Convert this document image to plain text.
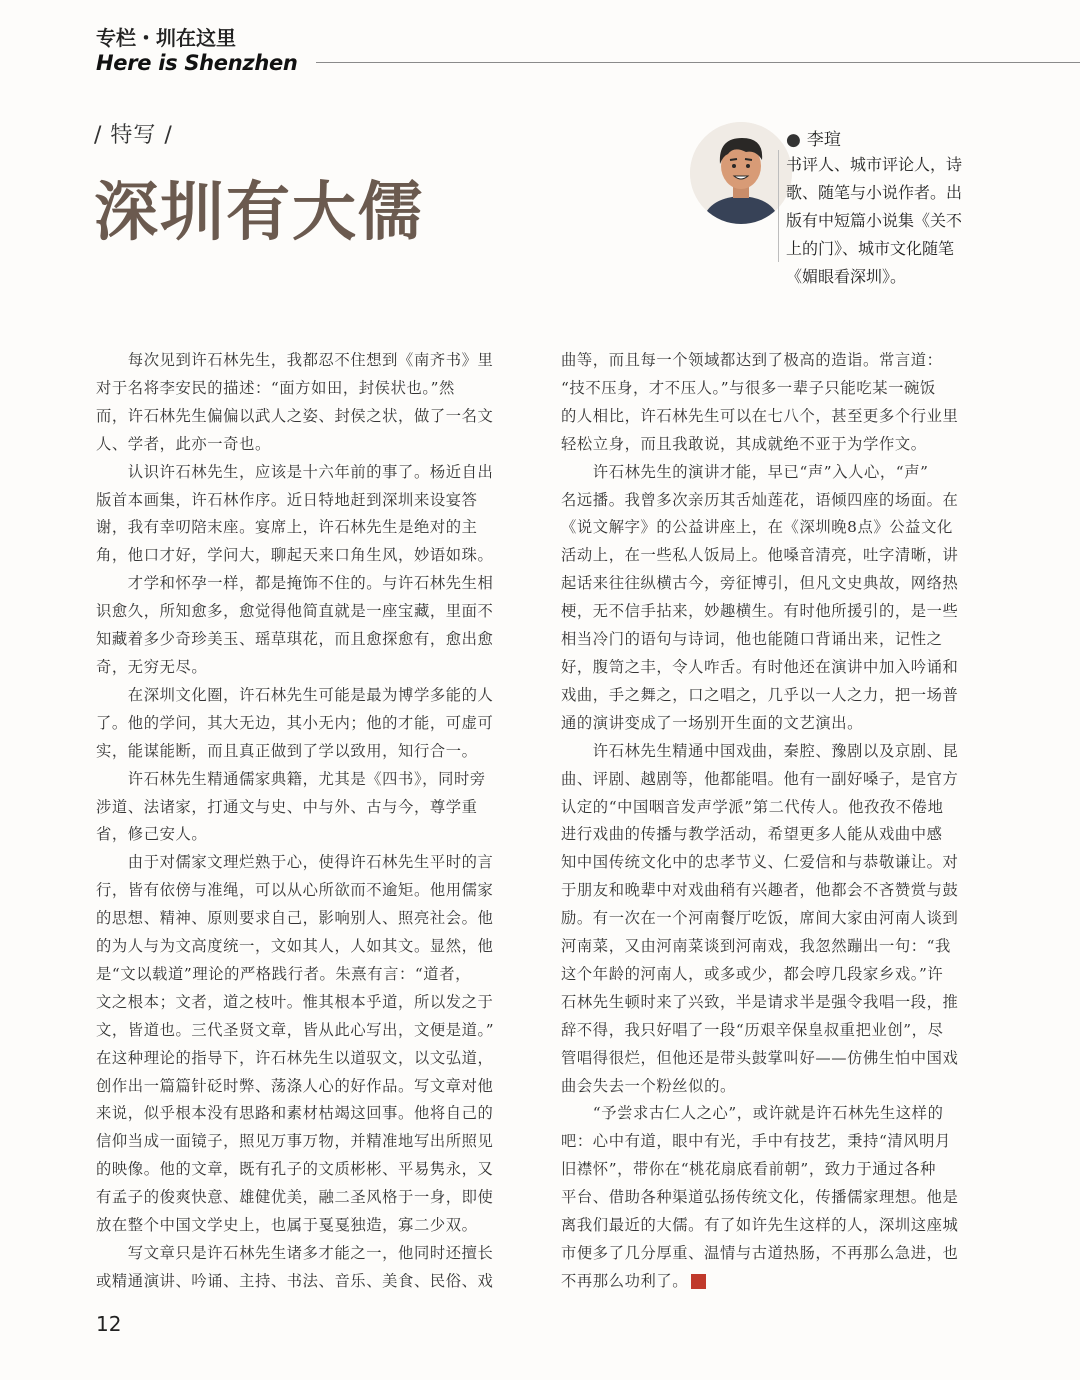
专栏・圳在这里
Here is Shenzhen
/ 特写 /
深圳有大儒
● 李瑄

书评人、城市评论人，诗

歌、随笔与小说作者。出

版有中短篇小说集《关不

上的门》、城市文化随笔

《媚眼看深圳》。

　　每次见到许石林先生，我都忍不住想到《南齐书》里

对于名将李安民的描述：“面方如田，封侯状也。”然

而，许石林先生偏偏以武人之姿、封侯之状，做了一名文

人、学者，此亦一奇也。

　　认识许石林先生，应该是十六年前的事了。杨近自出

版首本画集，许石林作序。近日特地赶到深圳来设宴答

谢，我有幸叨陪末座。宴席上，许石林先生是绝对的主

角，他口才好，学问大，聊起天来口角生风，妙语如珠。

　　才学和怀孕一样，都是掩饰不住的。与许石林先生相

识愈久，所知愈多，愈觉得他简直就是一座宝藏，里面不

知藏着多少奇珍美玉、瑶草琪花，而且愈探愈有，愈出愈

奇，无穷无尽。

　　在深圳文化圈，许石林先生可能是最为博学多能的人

了。他的学问，其大无边，其小无内；他的才能，可虚可

实，能谋能断，而且真正做到了学以致用，知行合一。

　　许石林先生精通儒家典籍，尤其是《四书》，同时旁

涉道、法诸家，打通文与史、中与外、古与今，尊学重

省，修己安人。

　　由于对儒家文理烂熟于心，使得许石林先生平时的言

行，皆有依傍与准绳，可以从心所欲而不逾矩。他用儒家

的思想、精神、原则要求自己，影响别人、照亮社会。他

的为人与为文高度统一，文如其人，人如其文。显然，他

是“文以载道”理论的严格践行者。朱熹有言：“道者，

文之根本；文者，道之枝叶。惟其根本乎道，所以发之于

文，皆道也。三代圣贤文章，皆从此心写出，文便是道。”

在这种理论的指导下，许石林先生以道驭文，以文弘道，

创作出一篇篇针砭时弊、荡涤人心的好作品。写文章对他

来说，似乎根本没有思路和素材枯竭这回事。他将自己的

信仰当成一面镜子，照见万事万物，并精准地写出所照见

的映像。他的文章，既有孔子的文质彬彬、平易隽永，又

有孟子的俊爽快意、雄健优美，融二圣风格于一身，即使

放在整个中国文学史上，也属于戛戛独造，寡二少双。

　　写文章只是许石林先生诸多才能之一，他同时还擅长

或精通演讲、吟诵、主持、书法、音乐、美食、民俗、戏

曲等，而且每一个领域都达到了极高的造诣。常言道：

“技不压身，才不压人。”与很多一辈子只能吃某一碗饭

的人相比，许石林先生可以在七八个，甚至更多个行业里

轻松立身，而且我敢说，其成就绝不亚于为学作文。

　　许石林先生的演讲才能，早已“声”入人心，“声”

名远播。我曾多次亲历其舌灿莲花，语倾四座的场面。在

《说文解字》的公益讲座上，在《深圳晚8点》公益文化

活动上，在一些私人饭局上。他嗓音清亮，吐字清晰，讲

起话来往往纵横古今，旁征博引，但凡文史典故，网络热

梗，无不信手拈来，妙趣横生。有时他所援引的，是一些

相当冷门的语句与诗词，他也能随口背诵出来，记性之

好，腹笥之丰，令人咋舌。有时他还在演讲中加入吟诵和

戏曲，手之舞之，口之唱之，几乎以一人之力，把一场普

通的演讲变成了一场别开生面的文艺演出。

　　许石林先生精通中国戏曲，秦腔、豫剧以及京剧、昆

曲、评剧、越剧等，他都能唱。他有一副好嗓子，是官方

认定的“中国咽音发声学派”第二代传人。他孜孜不倦地

进行戏曲的传播与教学活动，希望更多人能从戏曲中感

知中国传统文化中的忠孝节义、仁爱信和与恭敬谦让。对

于朋友和晚辈中对戏曲稍有兴趣者，他都会不吝赞赏与鼓

励。有一次在一个河南餐厅吃饭，席间大家由河南人谈到

河南菜，又由河南菜谈到河南戏，我忽然蹦出一句：“我

这个年龄的河南人，或多或少，都会哼几段家乡戏。”许

石林先生顿时来了兴致，半是请求半是强令我唱一段，推

辞不得，我只好唱了一段“历艰辛保皇叔重把业创”，尽

管唱得很烂，但他还是带头鼓掌叫好——仿佛生怕中国戏

曲会失去一个粉丝似的。

　　“予尝求古仁人之心”，或许就是许石林先生这样的

吧：心中有道，眼中有光，手中有技艺，秉持“清风明月

旧襟怀”，带你在“桃花扇底看前朝”，致力于通过各种

平台、借助各种渠道弘扬传统文化，传播儒家理想。他是

离我们最近的大儒。有了如许先生这样的人，深圳这座城

市便多了几分厚重、温情与古道热肠，不再那么急进，也

不再那么功利了。

12
